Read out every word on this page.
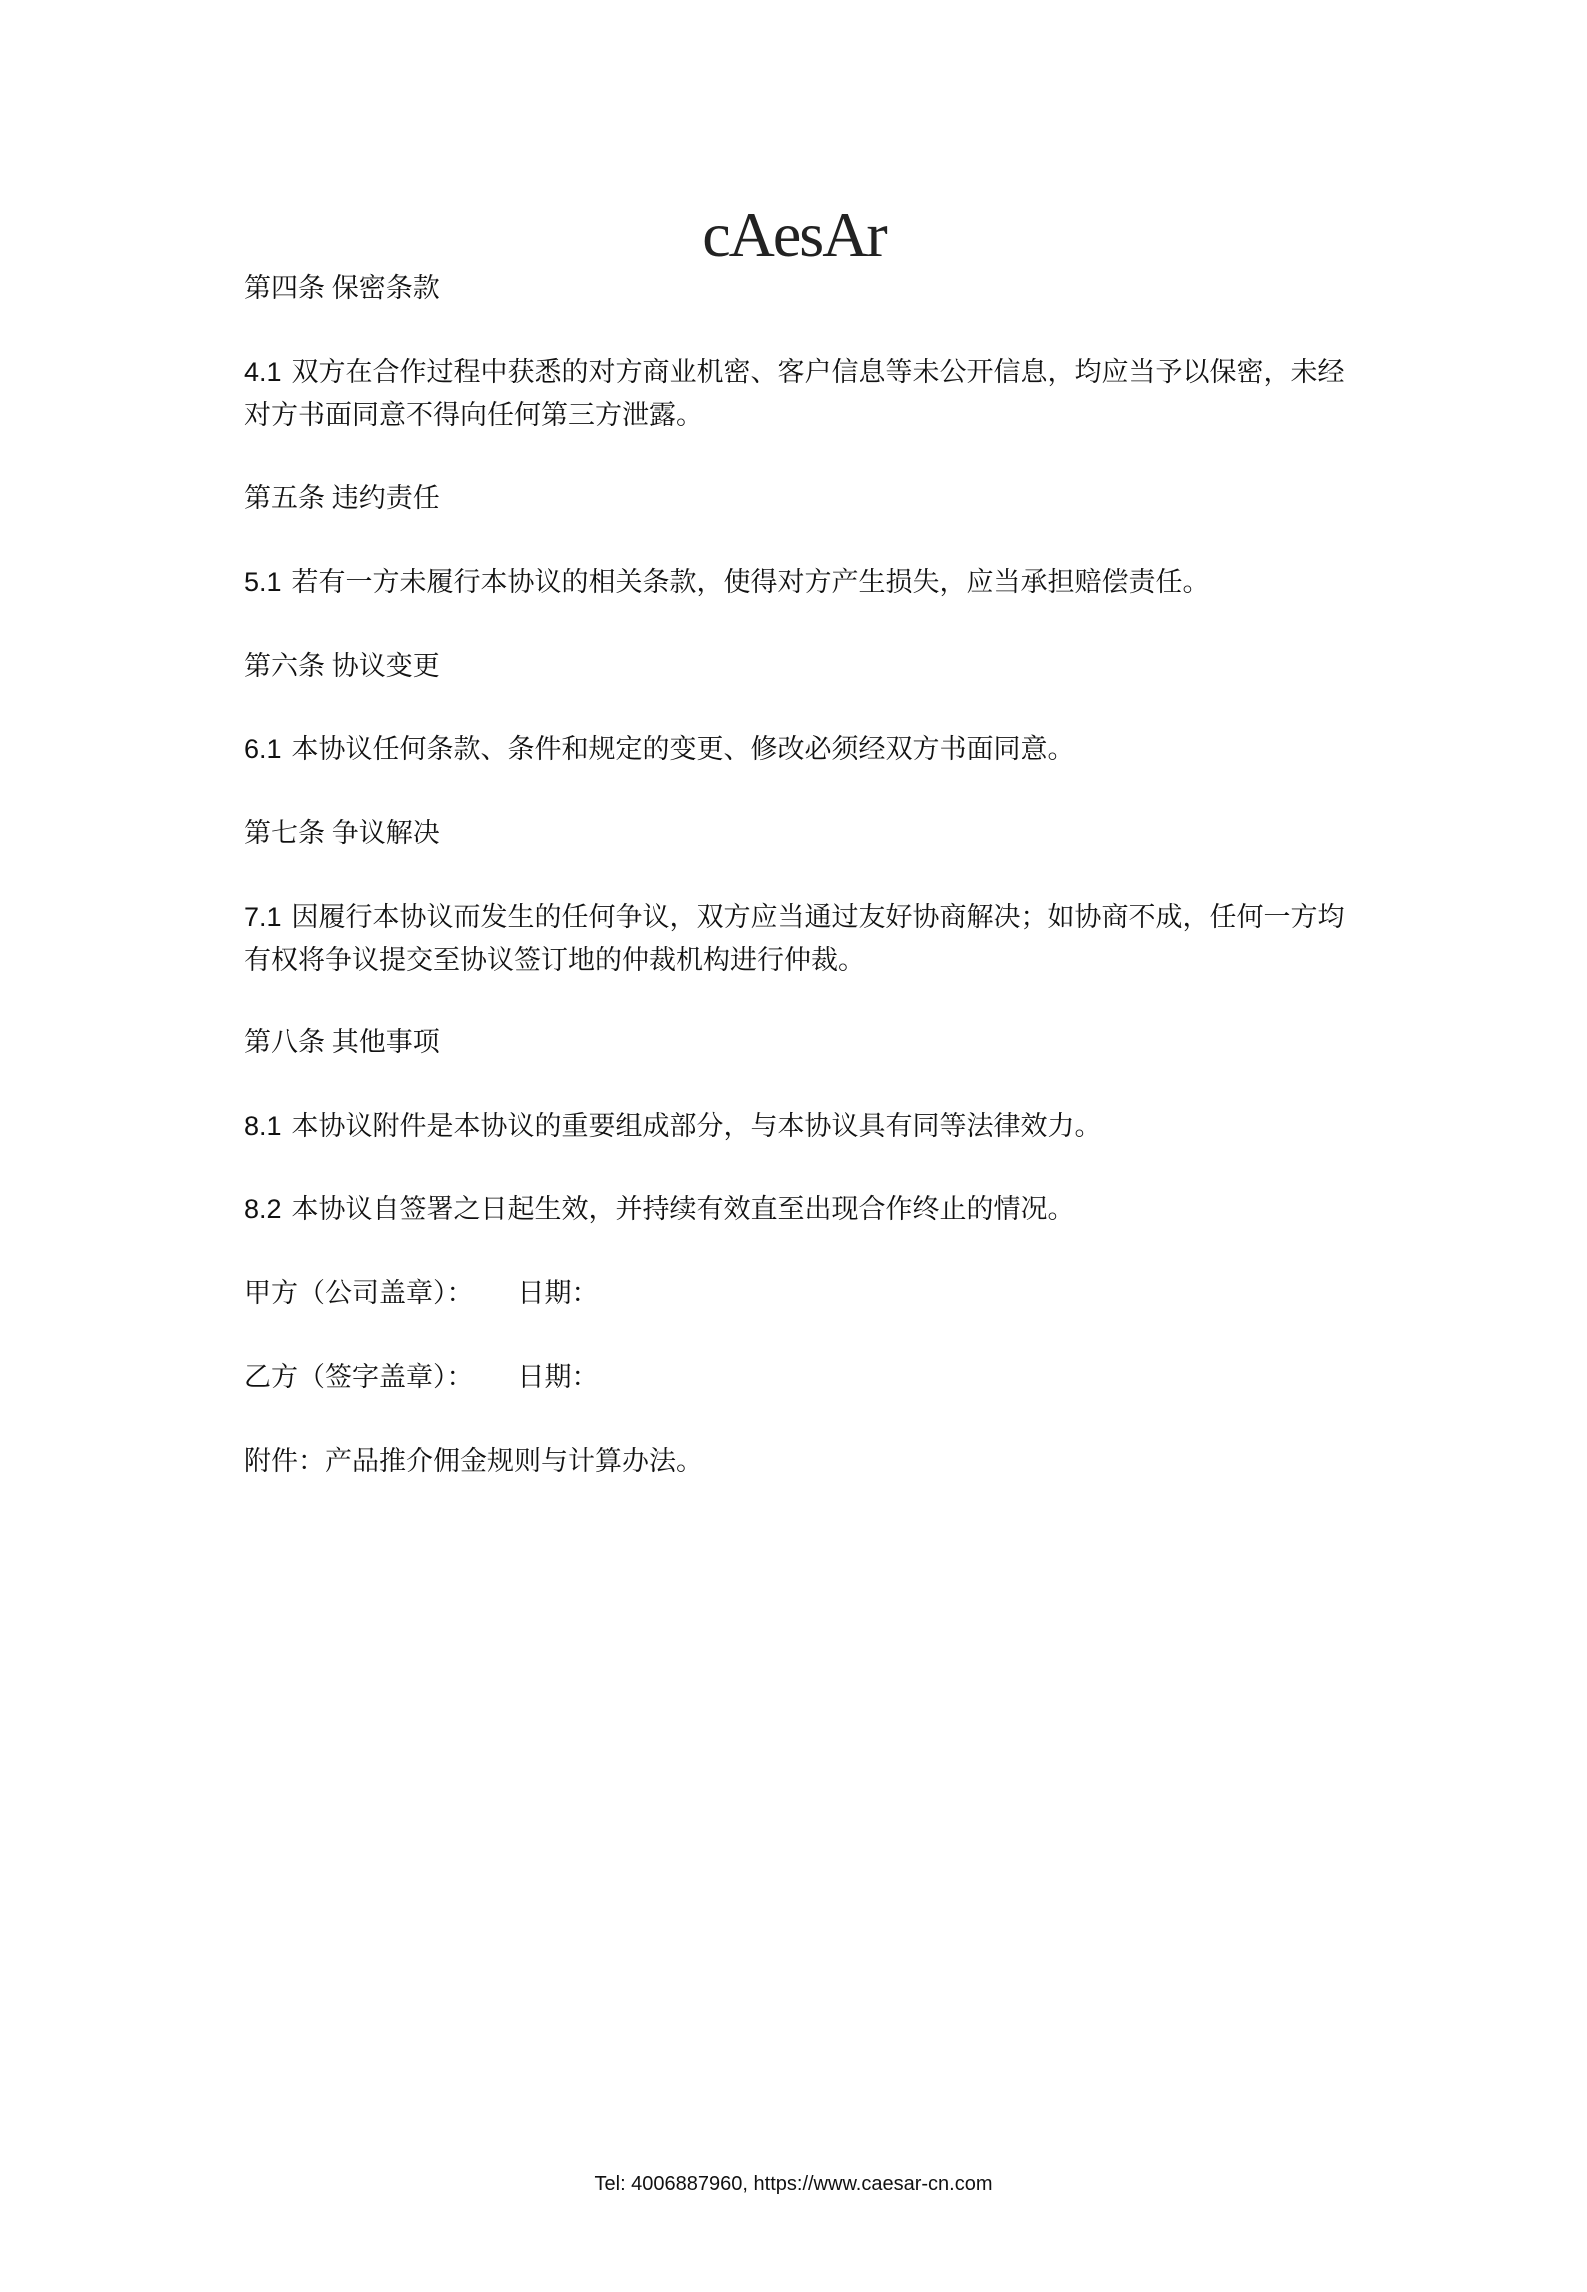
cAesAr
第四条 保密条款
4.1 双方在合作过程中获悉的对方商业机密、客户信息等未公开信息，均应当予以保密，未经对方书面同意不得向任何第三方泄露。
第五条 违约责任
5.1 若有一方未履行本协议的相关条款，使得对方产生损失，应当承担赔偿责任。
第六条 协议变更
6.1 本协议任何条款、条件和规定的变更、修改必须经双方书面同意。
第七条 争议解决
7.1 因履行本协议而发生的任何争议，双方应当通过友好协商解决；如协商不成，任何一方均有权将争议提交至协议签订地的仲裁机构进行仲裁。
第八条 其他事项
8.1 本协议附件是本协议的重要组成部分，与本协议具有同等法律效力。
8.2 本协议自签署之日起生效，并持续有效直至出现合作终止的情况。
甲方（公司盖章）： 日期：
乙方（签字盖章）： 日期：
附件：产品推介佣金规则与计算办法。
Tel: 4006887960, https://www.caesar-cn.com
